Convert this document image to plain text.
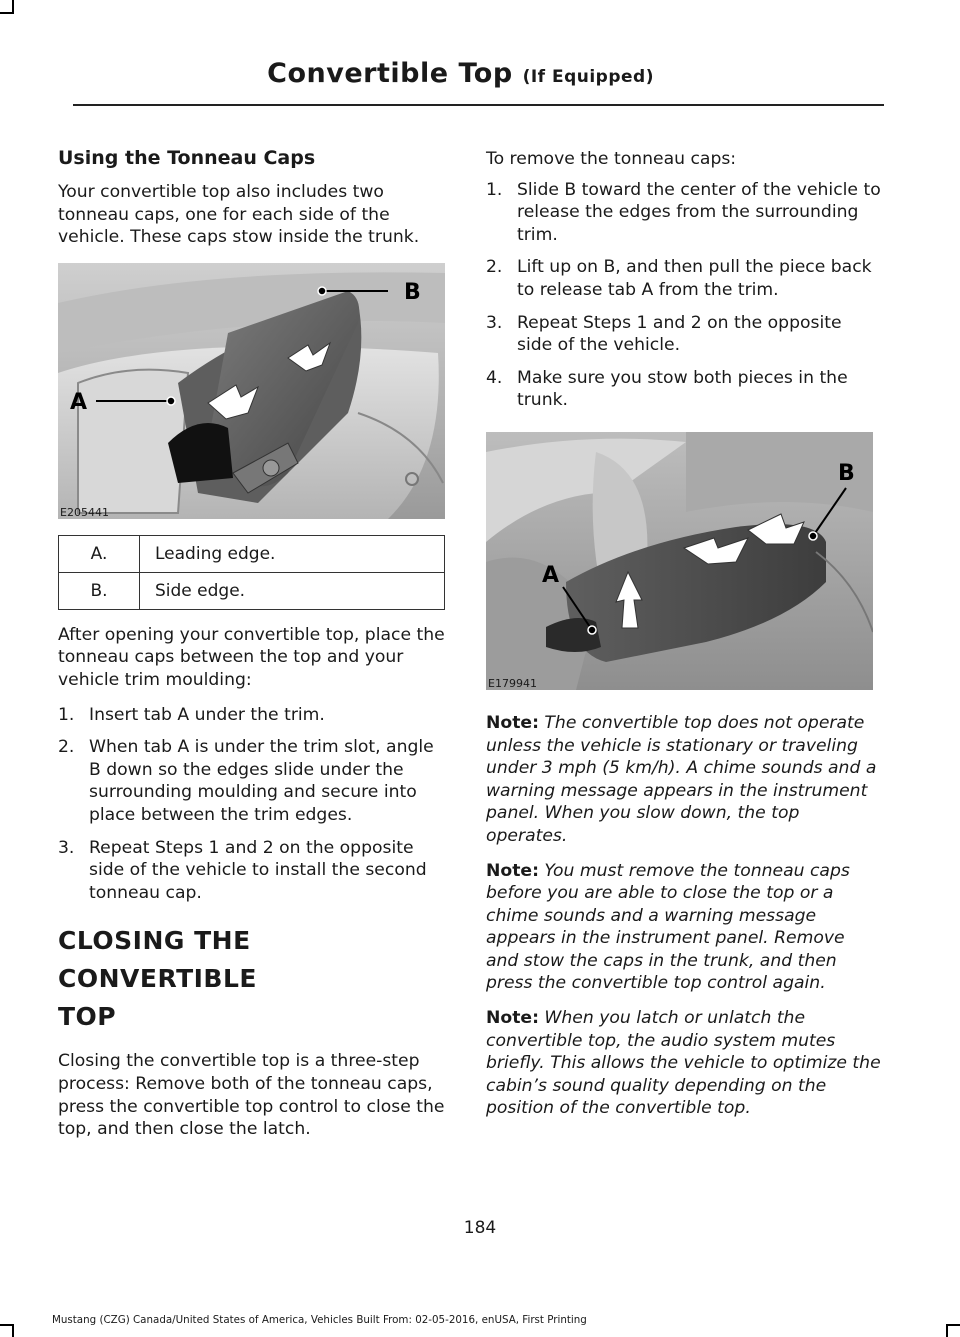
Convertible Top (If Equipped)
Using the Tonneau Caps

Your convertible top also includes two tonneau caps, one for each side of the vehicle. These caps stow inside the trunk.

B
A
E205441
A.	Leading edge.
B.	Side edge.

After opening your convertible top, place the tonneau caps between the top and your vehicle trim moulding:

1. Insert tab A under the trim.
2. When tab A is under the trim slot, angle B down so the edges slide under the surrounding moulding and secure into place between the trim edges.
3. Repeat Steps 1 and 2 on the opposite side of the vehicle to install the second tonneau cap.
CLOSING THE CONVERTIBLE
TOP

Closing the convertible top is a three-step process: Remove both of the tonneau caps, press the convertible top control to close the top, and then close the latch.

To remove the tonneau caps:

1. Slide B toward the center of the vehicle to release the edges from the surrounding trim.
2. Lift up on B, and then pull the piece back to release tab A from the trim.
3. Repeat Steps 1 and 2 on the opposite side of the vehicle.
4. Make sure you stow both pieces in the trunk.
B
A
E179941
Note: The convertible top does not operate unless the vehicle is stationary or traveling under 3 mph (5 km/h). A chime sounds and a warning message appears in the instrument panel. When you slow down, the top operates.
Note: You must remove the tonneau caps before you are able to close the top or a chime sounds and a warning message appears in the instrument panel. Remove and stow the caps in the trunk, and then press the convertible top control again.
Note: When you latch or unlatch the convertible top, the audio system mutes briefly. This allows the vehicle to optimize the cabin’s sound quality depending on the position of the convertible top.
184
Mustang (CZG) Canada/United States of America, Vehicles Built From: 02-05-2016, enUSA, First Printing
